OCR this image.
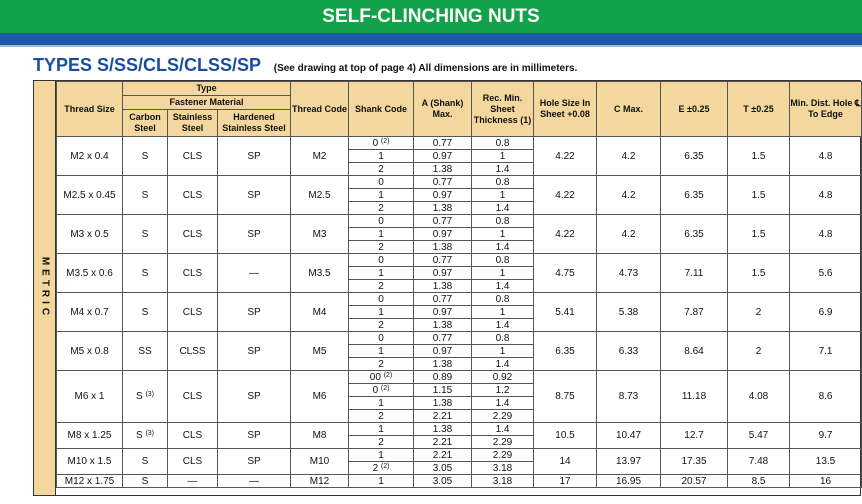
SELF-CLINCHING NUTS
TYPES S/SS/CLS/CLSS/SP (See drawing at top of page 4) All dimensions are in millimeters.
METRIC
Thread Size	Type			Thread Code	Shank Code	A (Shank) Max.	Rec. Min. Sheet Thickness (1)	Hole Size In Sheet +0.08	C Max.	E ±0.25	T ±0.25	Min. Dist. Hole ℄ To Edge
	Fastener Material											
	Carbon Steel	Stainless Steel	Hardened Stainless Steel									
M2 x 0.4	S	CLS	SP	M2	0 $^{(2)}$	0.77	0.8	4.22	4.2	6.35	1.5	4.8
					1	0.97	1					
					2	1.38	1.4					
M2.5 x 0.45	S	CLS	SP	M2.5	0	0.77	0.8	4.22	4.2	6.35	1.5	4.8
					1	0.97	1					
					2	1.38	1.4					
M3 x 0.5	S	CLS	SP	M3	0	0.77	0.8	4.22	4.2	6.35	1.5	4.8
					1	0.97	1					
					2	1.38	1.4					
M3.5 x 0.6	S	CLS	—	M3.5	0	0.77	0.8	4.75	4.73	7.11	1.5	5.6
					1	0.97	1					
					2	1.38	1.4					
M4 x 0.7	S	CLS	SP	M4	0	0.77	0.8	5.41	5.38	7.87	2	6.9
					1	0.97	1					
					2	1.38	1.4					
M5 x 0.8	SS	CLSS	SP	M5	0	0.77	0.8	6.35	6.33	8.64	2	7.1
					1	0.97	1					
					2	1.38	1.4					
M6 x 1	S $^{(3)}$	CLS	SP	M6	00 $^{(2)}$	0.89	0.92	8.75	8.73	11.18	4.08	8.6
					0 $^{(2)}$	1.15	1.2					
					1	1.38	1.4					
					2	2.21	2.29					
M8 x 1.25	S $^{(3)}$	CLS	SP	M8	1	1.38	1.4	10.5	10.47	12.7	5.47	9.7
					2	2.21	2.29					
M10 x 1.5	S	CLS	SP	M10	1	2.21	2.29	14	13.97	17.35	7.48	13.5
					2 $^{(2)}$	3.05	3.18					
M12 x 1.75	S	—	—	M12	1	3.05	3.18	17	16.95	20.57	8.5	16
